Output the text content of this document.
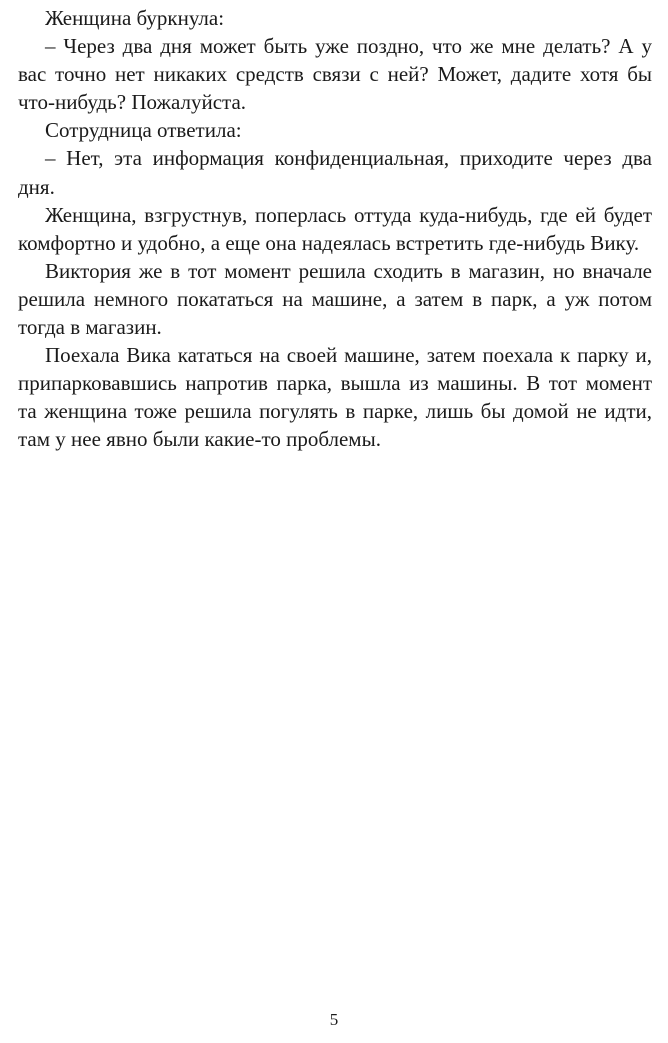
Женщина буркнула:

– Через два дня может быть уже поздно, что же мне делать? А у
вас точно нет никаких средств связи с ней? Может, дадите хотя бы
что-нибудь? Пожалуйста.

Сотрудница ответила:

– Нет, эта информация конфиденциальная, приходите через два
дня.

Женщина, взгрустнув, поперлась оттуда куда-нибудь, где ей будет
комфортно и удобно, а еще она надеялась встретить где-нибудь Вику.

Виктория же в тот момент решила сходить в магазин, но вначале
решила немного покататься на машине, а затем в парк, а уж потом
тогда в магазин.

Поехала Вика кататься на своей машине, затем поехала к парку и,
припарковавшись напротив парка, вышла из машины. В тот момент
та женщина тоже решила погулять в парке, лишь бы домой не идти,
там у нее явно были какие-то проблемы.

5
